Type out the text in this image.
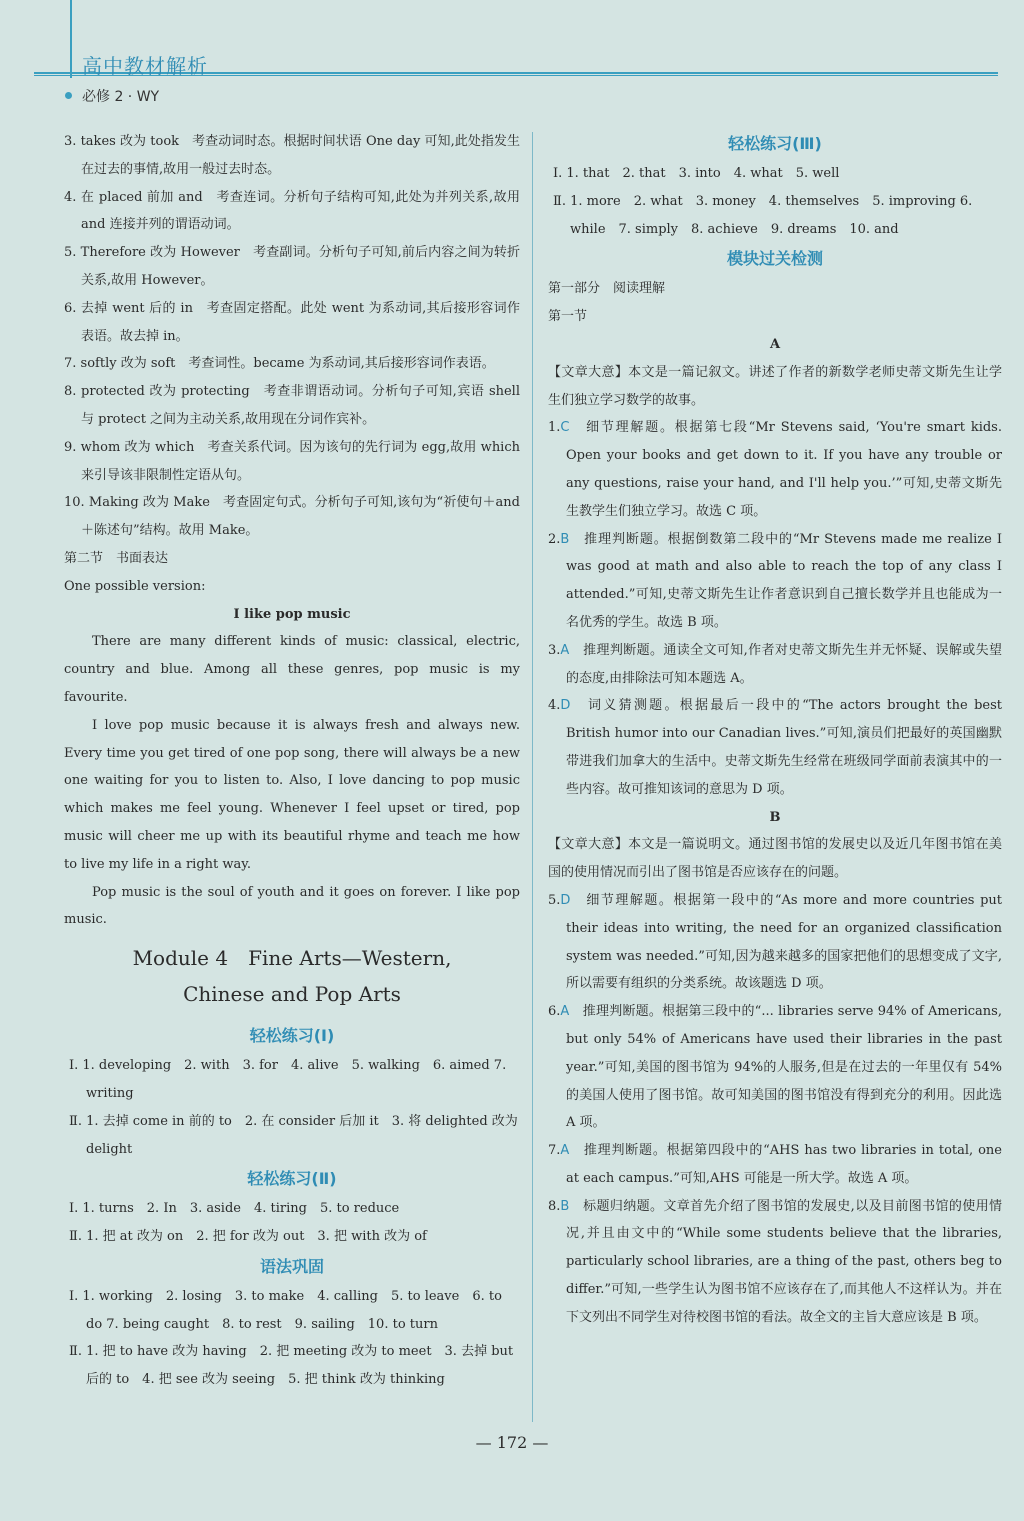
高中教材解析
必修 2 · WY

3. takes 改为 took　考查动词时态。根据时间状语 One day 可知,此处指发生在过去的事情,故用一般过去时态。

4. 在 placed 前加 and　考查连词。分析句子结构可知,此处为并列关系,故用 and 连接并列的谓语动词。

5. Therefore 改为 However　考查副词。分析句子可知,前后内容之间为转折关系,故用 However。

6. 去掉 went 后的 in　考查固定搭配。此处 went 为系动词,其后接形容词作表语。故去掉 in。

7. softly 改为 soft　考查词性。became 为系动词,其后接形容词作表语。

8. protected 改为 protecting　考查非谓语动词。分析句子可知,宾语 shell 与 protect 之间为主动关系,故用现在分词作宾补。

9. whom 改为 which　考查关系代词。因为该句的先行词为 egg,故用 which 来引导该非限制性定语从句。

10. Making 改为 Make　考查固定句式。分析句子可知,该句为“祈使句＋and＋陈述句”结构。故用 Make。

第二节　书面表达

One possible version:

I like pop music

There are many different kinds of music: classical, electric, country and blue. Among all these genres, pop music is my favourite.

I love pop music because it is always fresh and always new. Every time you get tired of one pop song, there will always be a new one waiting for you to listen to. Also, I love dancing to pop music which makes me feel young. Whenever I feel upset or tired, pop music will cheer me up with its beautiful rhyme and teach me how to live my life in a right way.

Pop music is the soul of youth and it goes on forever. I like pop music.

Module 4　Fine Arts—Western,
Chinese and Pop Arts

轻松练习(Ⅰ)

Ⅰ. 1. developing　2. with　3. for　4. alive　5. walking　6. aimed 7. writing

Ⅱ. 1. 去掉 come in 前的 to　2. 在 consider 后加 it　3. 将 delighted 改为 delight

轻松练习(Ⅱ)

Ⅰ. 1. turns　2. In　3. aside　4. tiring　5. to reduce

Ⅱ. 1. 把 at 改为 on　2. 把 for 改为 out　3. 把 with 改为 of

语法巩固

Ⅰ. 1. working　2. losing　3. to make　4. calling　5. to leave　6. to do 7. being caught　8. to rest　9. sailing　10. to turn

Ⅱ. 1. 把 to have 改为 having　2. 把 meeting 改为 to meet　3. 去掉 but 后的 to　4. 把 see 改为 seeing　5. 把 think 改为 thinking

轻松练习(Ⅲ)

Ⅰ. 1. that　2. that　3. into　4. what　5. well

Ⅱ. 1. more　2. what　3. money　4. themselves　5. improving 6. while　7. simply　8. achieve　9. dreams　10. and

模块过关检测

第一部分　阅读理解

第一节

A

【文章大意】本文是一篇记叙文。讲述了作者的新数学老师史蒂文斯先生让学生们独立学习数学的故事。

1.C　 细节理解题。根据第七段“Mr Stevens said, ‘You're smart kids. Open your books and get down to it. If you have any trouble or any questions, raise your hand, and I'll help you.’”可知,史蒂文斯先生教学生们独立学习。故选 C 项。

2.B　 推理判断题。根据倒数第二段中的“Mr Stevens made me realize I was good at math and also able to reach the top of any class I attended.”可知,史蒂文斯先生让作者意识到自己擅长数学并且也能成为一名优秀的学生。故选 B 项。

3.A　 推理判断题。通读全文可知,作者对史蒂文斯先生并无怀疑、误解或失望的态度,由排除法可知本题选 A。

4.D　 词义猜测题。根据最后一段中的“The actors brought the best British humor into our Canadian lives.”可知,演员们把最好的英国幽默带进我们加拿大的生活中。史蒂文斯先生经常在班级同学面前表演其中的一些内容。故可推知该词的意思为 D 项。

B

【文章大意】本文是一篇说明文。通过图书馆的发展史以及近几年图书馆在美国的使用情况而引出了图书馆是否应该存在的问题。

5.D　 细节理解题。根据第一段中的“As more and more countries put their ideas into writing, the need for an organized classification system was needed.”可知,因为越来越多的国家把他们的思想变成了文字,所以需要有组织的分类系统。故该题选 D 项。

6.A　 推理判断题。根据第三段中的“... libraries serve 94% of Americans, but only 54% of Americans have used their libraries in the past year.”可知,美国的图书馆为 94%的人服务,但是在过去的一年里仅有 54%的美国人使用了图书馆。故可知美国的图书馆没有得到充分的利用。因此选 A 项。

7.A　 推理判断题。根据第四段中的“AHS has two libraries in total, one at each campus.”可知,AHS 可能是一所大学。故选 A 项。

8.B　 标题归纳题。文章首先介绍了图书馆的发展史,以及目前图书馆的使用情况,并且由文中的“While some students believe that the libraries, particularly school libraries, are a thing of the past, others beg to differ.”可知,一些学生认为图书馆不应该存在了,而其他人不这样认为。并在下文列出不同学生对待校图书馆的看法。故全文的主旨大意应该是 B 项。

— 172 —
